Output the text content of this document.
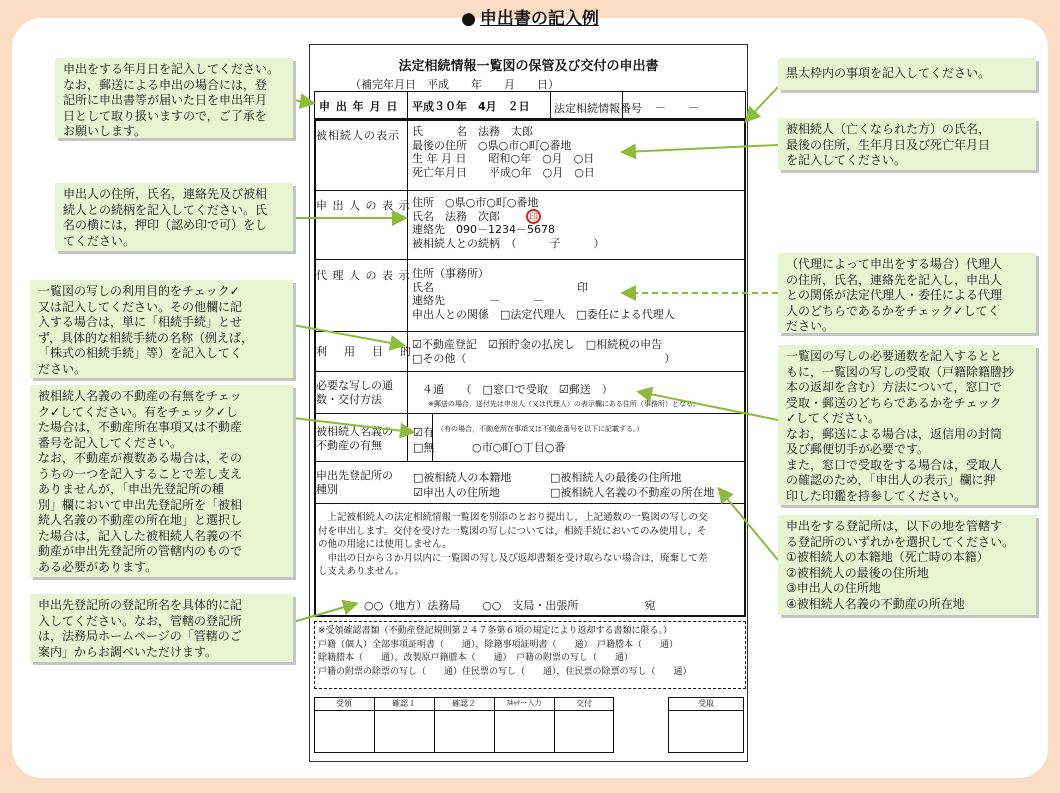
● 申出書の記入例
法定相続情報一覧図の保管及び交付の申出書
（補完年月日　平成　　年　　月　　日）
申 出 年 月 日 平成３０年　4月　２日 法定相続情報番号 －　　－
被相続人の表示 氏　　　名　法務　太郎
最後の住所　○県○市○町○番地
生 年 月 日　　昭和○年　○月　○日
死亡年月日　　平成○年　○月　○日
申 出 人 の 表 示 住所　○県○市○町○番地
氏名　法務　次郎
連絡先　090－1234－5678
被相続人との続柄　（　　　子　　　）
印
代 理 人 の 表 示 住所（事務所）
氏名　　　　　　　　　　　　　印
連絡先　　　　－　　　－
申出人との関係　□法定代理人　□委任による代理人
利　用　目　的
☑不動産登記　☑預貯金の払戻し　□相続税の申告
□その他（　　　　　　　　　　　　　　　　　　）
必要な写しの通
数・交付方法
４通　　（　□窓口で受取　☑郵送　）
※郵送の場合，送付先は申出人（又は代理人）の表示欄にある住所（事務所）となる。
被相続人名義の
不動産の有無
☑有
□無
（有の場合，不動産所在事項又は不動産番号を以下に記載する。）
○市○町○丁目○番
申出先登記所の
種別
□被相続人の本籍地	□被相続人の最後の住所地
☑申出人の住所地	□被相続人名義の不動産の所在地
　上記被相続人の法定相続情報一覧図を別添のとおり提出し，上記通数の一覧図の写しの交
付を申出します。交付を受けた一覧図の写しについては，相続手続においてのみ使用し，そ
の他の用途には使用しません。
　申出の日から３か月以内に一覧図の写し及び返却書類を受け取らない場合は，廃棄して差
し支えありません。
○○（地方）法務局　　○○　支局・出張所　　　　　　宛
※受領確認書類（不動産登記規則第２４７条第６項の規定により返却する書類に限る。）
戸籍（個人）全部事項証明書（　　通），除籍事項証明書（　　通）　戸籍謄本（　　通）
除籍謄本（　　通），改製原戸籍謄本（　　通）　戸籍の附票の写し（　　通）
戸籍の附票の除票の写し（　　通）住民票の写し（　　通），住民票の除票の写し（　　通）
受領	確認１	確認２	ｽｷｬﾅｰ･入力	交付	受取
申出をする年月日を記入してください。
なお，郵送による申出の場合には，登
記所に申出書等が届いた日を申出年月
日として取り扱いますので，ご了承を
お願いします。
申出人の住所，氏名，連絡先及び被相
続人との続柄を記入してください。氏
名の横には，押印（認め印で可）をし
てください。
一覧図の写しの利用目的をチェック✓
又は記入してください。その他欄に記
入する場合は，単に「相続手続」とせ
ず，具体的な相続手続の名称（例えば，
「株式の相続手続」等）を記入してく
ださい。
被相続人名義の不動産の有無をチェッ
ク✓してください。有をチェック✓し
た場合は，不動産所在事項又は不動産
番号を記入してください。
なお，不動産が複数ある場合は，その
うちの一つを記入することで差し支え
ありませんが，「申出先登記所の種
別」欄において申出先登記所を「被相
続人名義の不動産の所在地」と選択し
た場合は，記入した被相続人名義の不
動産が申出先登記所の管轄内のもので
ある必要があります。
申出先登記所の登記所名を具体的に記
入してください。なお，管轄の登記所
は，法務局ホームページの「管轄のご
案内」からお調べいただけます。
黒太枠内の事項を記入してください。
被相続人（亡くなられた方）の氏名，
最後の住所，生年月日及び死亡年月日
を記入してください。
（代理によって申出をする場合）代理人
の住所，氏名，連絡先を記入し，申出人
との関係が法定代理人・委任による代理
人のどちらであるかをチェック✓してく
ださい。
一覧図の写しの必要通数を記入するとと
もに，一覧図の写しの受取（戸籍除籍謄抄
本の返却を含む）方法について，窓口で
受取・郵送のどちらであるかをチェック
✓してください。
なお，郵送による場合は，返信用の封筒
及び郵便切手が必要です。
また，窓口で受取をする場合は，受取人
の確認のため，「申出人の表示」欄に押
印した印鑑を持参してください。
申出をする登記所は，以下の地を管轄す
る登記所のいずれかを選択してください。
①被相続人の本籍地（死亡時の本籍）
②被相続人の最後の住所地
③申出人の住所地
④被相続人名義の不動産の所在地
